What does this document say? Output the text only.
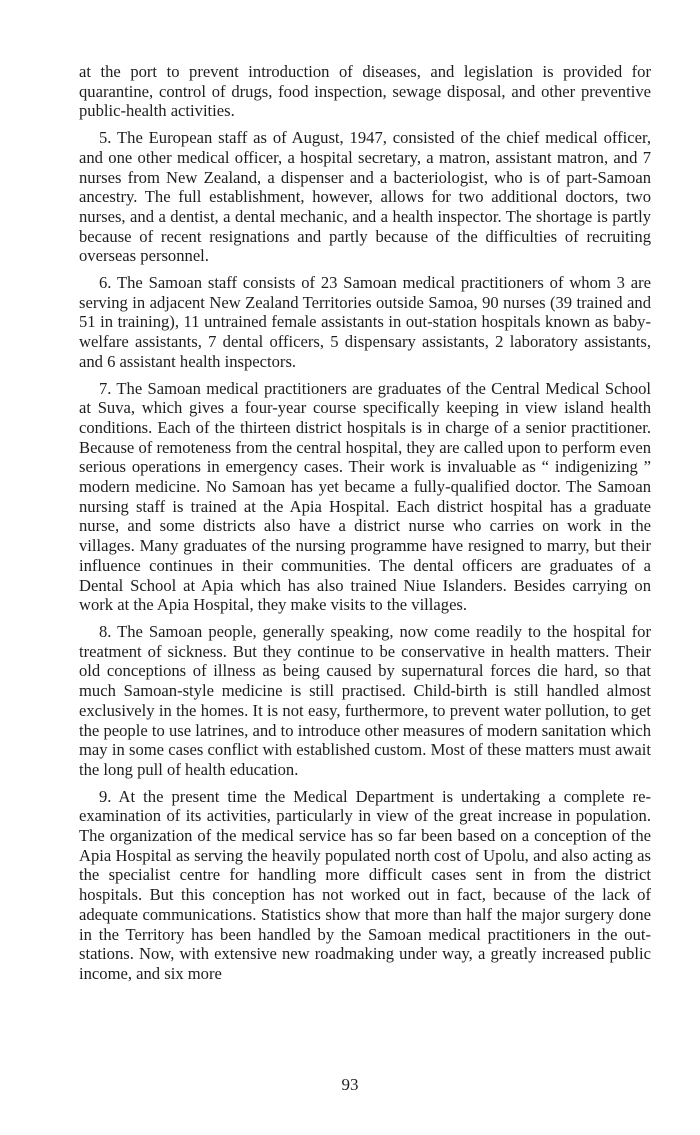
at the port to prevent introduction of diseases, and legislation is provided for quarantine, control of drugs, food inspection, sewage disposal, and other preventive public-health activities.

5. The European staff as of August, 1947, consisted of the chief medical officer, and one other medical officer, a hospital secretary, a matron, assistant matron, and 7 nurses from New Zealand, a dispenser and a bacteriologist, who is of part-Samoan ancestry. The full establishment, however, allows for two additional doctors, two nurses, and a dentist, a dental mechanic, and a health inspector. The shortage is partly because of recent resignations and partly because of the difficulties of recruiting overseas personnel.

6. The Samoan staff consists of 23 Samoan medical practitioners of whom 3 are serving in adjacent New Zealand Territories outside Samoa, 90 nurses (39 trained and 51 in training), 11 untrained female assistants in out-station hospitals known as baby-welfare assistants, 7 dental officers, 5 dispensary assistants, 2 laboratory assistants, and 6 assistant health inspectors.

7. The Samoan medical practitioners are graduates of the Central Medical School at Suva, which gives a four-year course specifically keeping in view island health conditions. Each of the thirteen district hospitals is in charge of a senior practitioner. Because of remoteness from the central hospital, they are called upon to perform even serious operations in emergency cases. Their work is invaluable as “ indigenizing ” modern medicine. No Samoan has yet became a fully-qualified doctor. The Samoan nursing staff is trained at the Apia Hospital. Each district hospital has a graduate nurse, and some districts also have a district nurse who carries on work in the villages. Many graduates of the nursing programme have resigned to marry, but their influence continues in their communities. The dental officers are graduates of a Dental School at Apia which has also trained Niue Islanders. Besides carrying on work at the Apia Hospital, they make visits to the villages.

8. The Samoan people, generally speaking, now come readily to the hospital for treatment of sickness. But they continue to be conservative in health matters. Their old conceptions of illness as being caused by supernatural forces die hard, so that much Samoan-style medicine is still practised. Child-birth is still handled almost exclusively in the homes. It is not easy, furthermore, to prevent water pollution, to get the people to use latrines, and to introduce other measures of modern sanitation which may in some cases conflict with established custom. Most of these matters must await the long pull of health education.

9. At the present time the Medical Department is undertaking a complete re-examination of its activities, particularly in view of the great increase in population. The organization of the medical service has so far been based on a conception of the Apia Hospital as serving the heavily populated north cost of Upolu, and also acting as the specialist centre for handling more difficult cases sent in from the district hospitals. But this conception has not worked out in fact, because of the lack of adequate communications. Statistics show that more than half the major surgery done in the Territory has been handled by the Samoan medical practitioners in the out-stations. Now, with extensive new roadmaking under way, a greatly increased public income, and six more

93
